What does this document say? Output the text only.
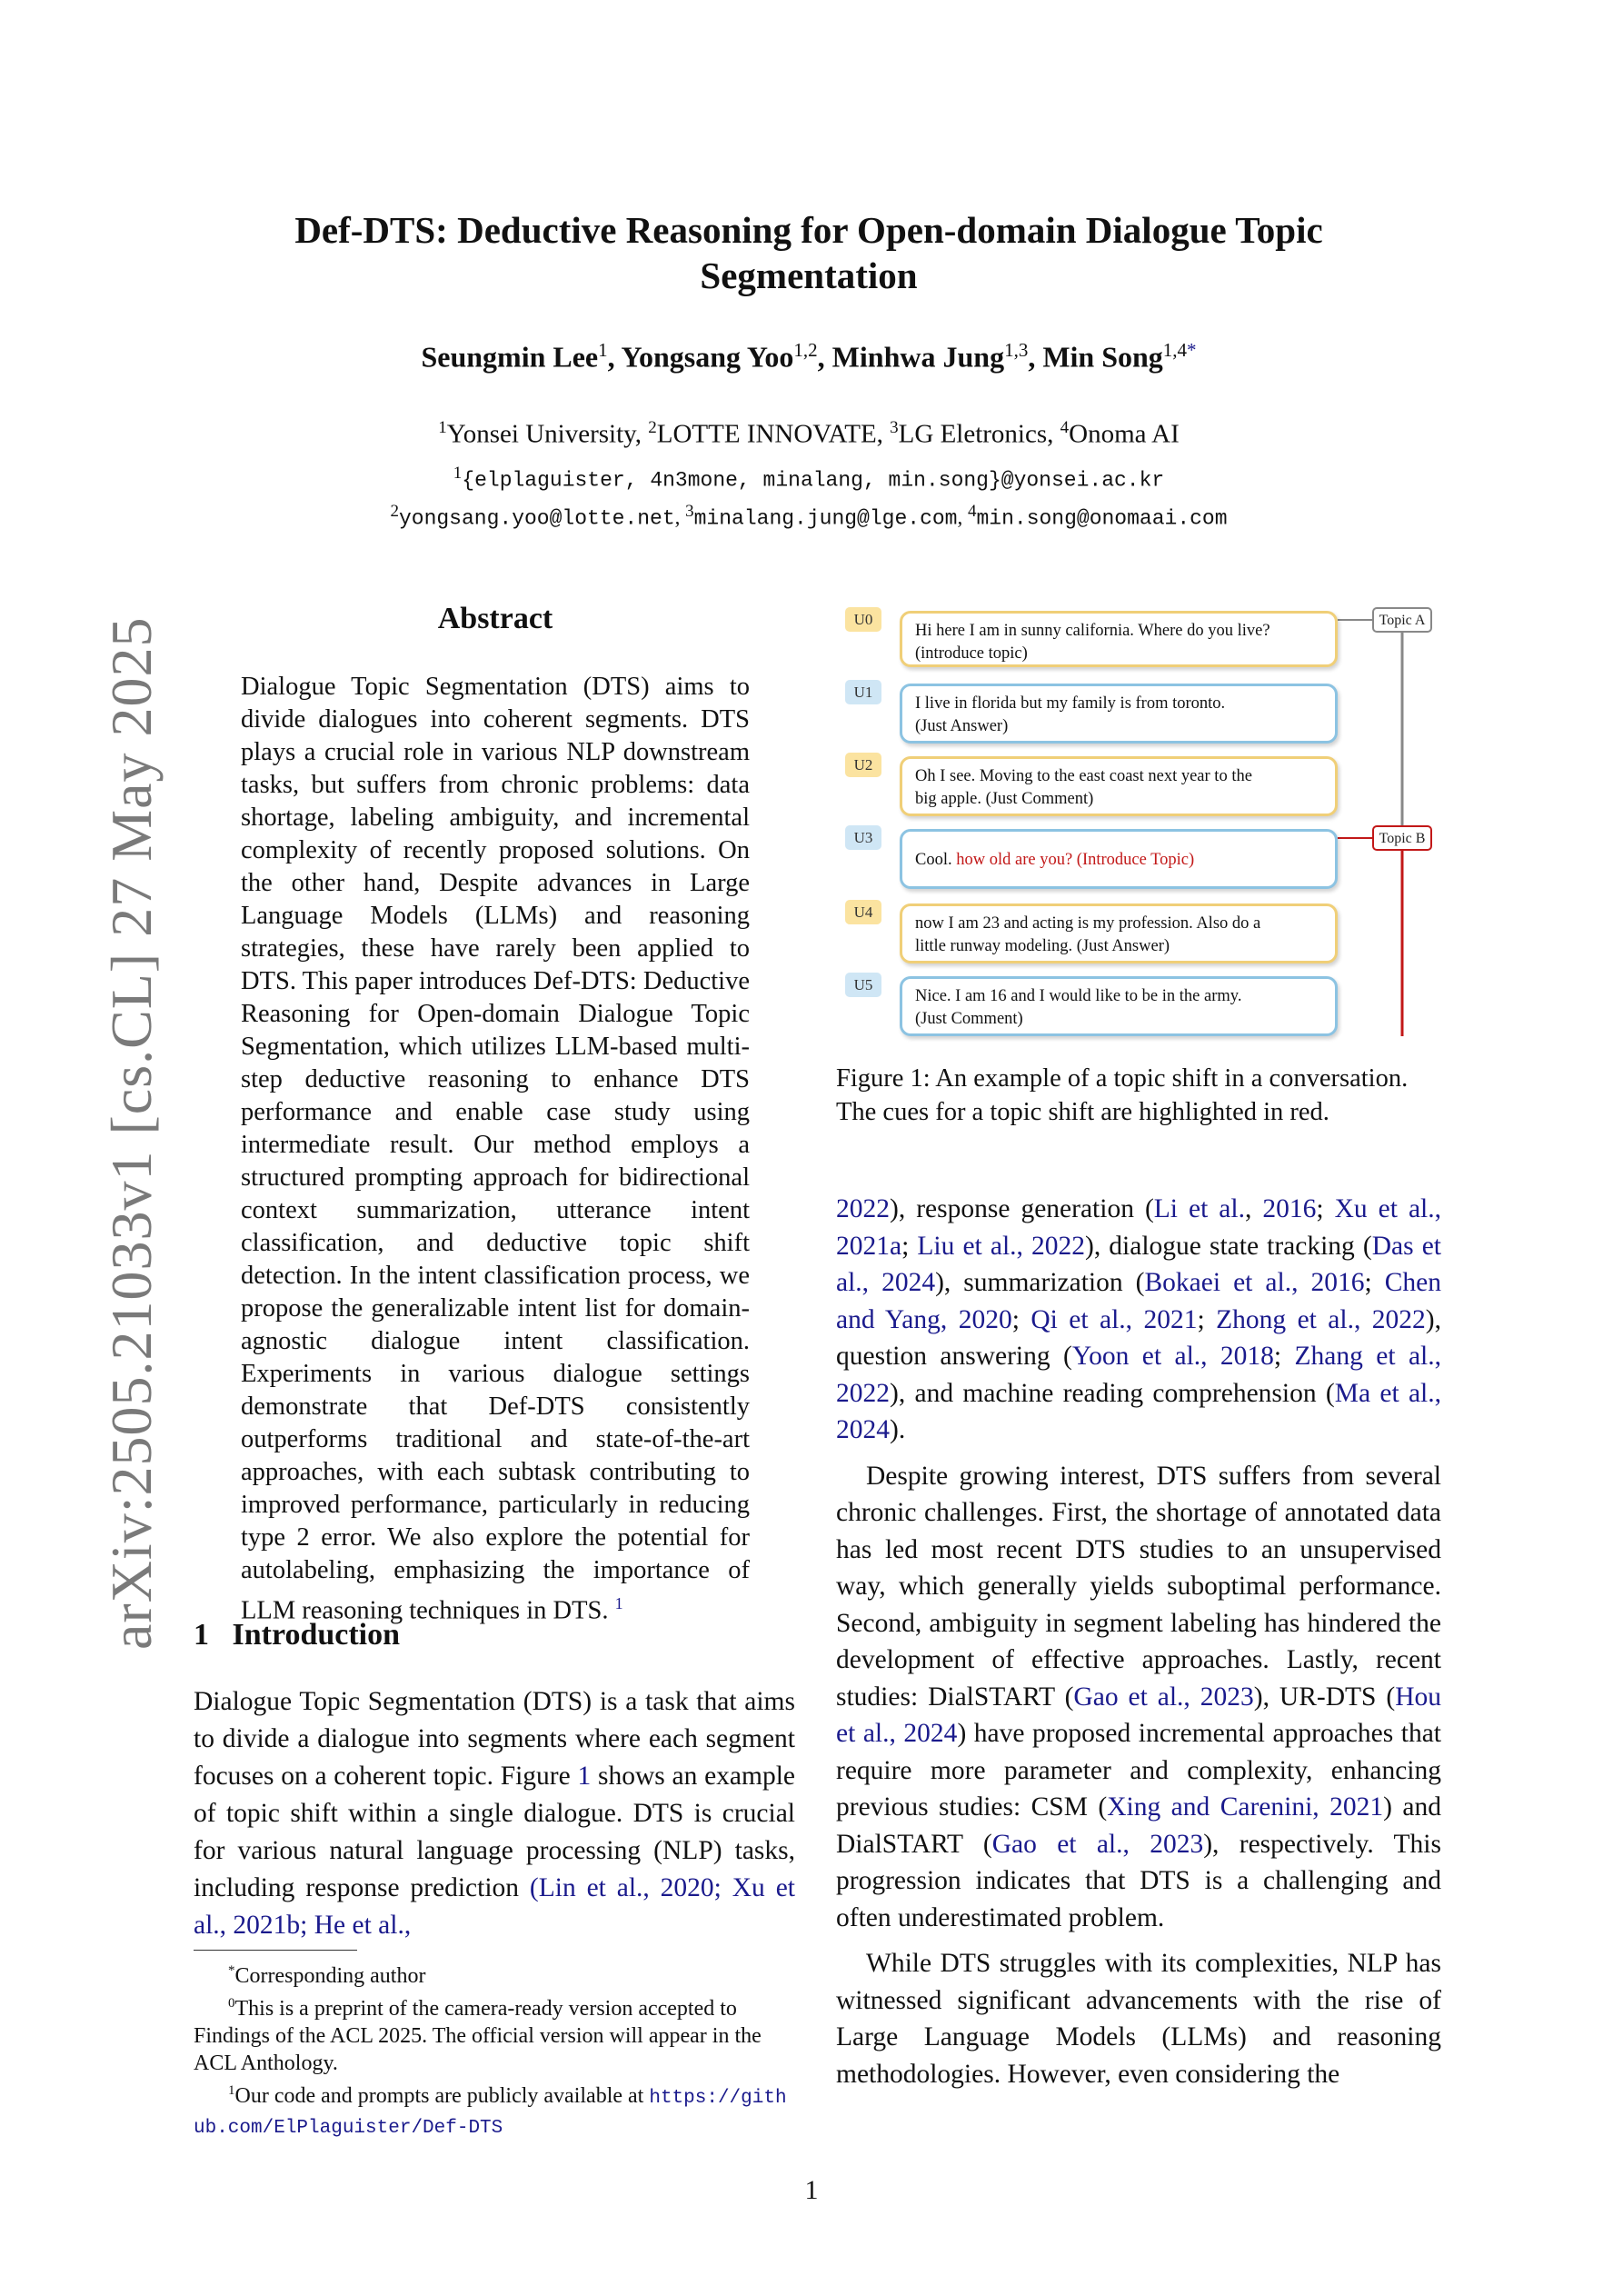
arXiv:2505.21033v1 [cs.CL] 27 May 2025
Def-DTS: Deductive Reasoning for Open-domain Dialogue Topic Segmentation
Seungmin Lee$^1$, Yongsang Yoo$^{1,2}$, Minhwa Jung$^{1,3}$, Min Song$^{1,4*}$
$^1$Yonsei University, $^2$LOTTE INNOVATE, $^3$LG Eletronics, $^4$Onoma AI
$^1${elplaguister, 4n3mone, minalang, min.song}@yonsei.ac.kr
$^2$yongsang.yoo@lotte.net, $^3$minalang.jung@lge.com, $^4$min.song@onomaai.com
Abstract
Dialogue Topic Segmentation (DTS) aims to divide dialogues into coherent segments. DTS plays a crucial role in various NLP downstream tasks, but suffers from chronic problems: data shortage, labeling ambiguity, and incremental complexity of recently proposed solutions. On the other hand, Despite advances in Large Language Models (LLMs) and reasoning strategies, these have rarely been applied to DTS. This paper introduces Def-DTS: Deductive Reasoning for Open-domain Dialogue Topic Segmentation, which utilizes LLM-based multi-step deductive reasoning to enhance DTS performance and enable case study using intermediate result. Our method employs a structured prompting approach for bidirectional context summarization, utterance intent classification, and deductive topic shift detection. In the intent classification process, we propose the generalizable intent list for domain-agnostic dialogue intent classification. Experiments in various dialogue settings demonstrate that Def-DTS consistently outperforms traditional and state-of-the-art approaches, with each subtask contributing to improved performance, particularly in reducing type 2 error. We also explore the potential for autolabeling, emphasizing the importance of LLM reasoning techniques in DTS. $^1$
1 Introduction
Dialogue Topic Segmentation (DTS) is a task that aims to divide a dialogue into segments where each segment focuses on a coherent topic. Figure 1 shows an example of topic shift within a single dialogue. DTS is crucial for various natural language processing (NLP) tasks, including response prediction (Lin et al., 2020; Xu et al., 2021b; He et al.,

*Corresponding author

$^0$This is a preprint of the camera-ready version accepted to Findings of the ACL 2025. The official version will appear in the ACL Anthology.

$^1$Our code and prompts are publicly available at https://github.com/ElPlaguister/Def-DTS

Topic A
Topic B
U0
Hi here I am in sunny california. Where do you live?
(introduce topic)
U1
I live in florida but my family is from toronto.
(Just Answer)
U2
Oh I see. Moving to the east coast next year to the
big apple. (Just Comment)
U3
Cool. how old are you? (Introduce Topic)
U4
now I am 23 and acting is my profession. Also do a
little runway modeling. (Just Answer)
U5
Nice. I am 16 and I would like to be in the army.
(Just Comment)
Figure 1: An example of a topic shift in a conversation. The cues for a topic shift are highlighted in red.

2022), response generation (Li et al., 2016; Xu et al., 2021a; Liu et al., 2022), dialogue state tracking (Das et al., 2024), summarization (Bokaei et al., 2016; Chen and Yang, 2020; Qi et al., 2021; Zhong et al., 2022), question answering (Yoon et al., 2018; Zhang et al., 2022), and machine reading comprehension (Ma et al., 2024).

Despite growing interest, DTS suffers from several chronic challenges. First, the shortage of annotated data has led most recent DTS studies to an unsupervised way, which generally yields suboptimal performance. Second, ambiguity in segment labeling has hindered the development of effective approaches. Lastly, recent studies: DialSTART (Gao et al., 2023), UR-DTS (Hou et al., 2024) have proposed incremental approaches that require more parameter and complexity, enhancing previous studies: CSM (Xing and Carenini, 2021) and DialSTART (Gao et al., 2023), respectively. This progression indicates that DTS is a challenging and often underestimated problem.

While DTS struggles with its complexities, NLP has witnessed significant advancements with the rise of Large Language Models (LLMs) and reasoning methodologies. However, even considering the

1
